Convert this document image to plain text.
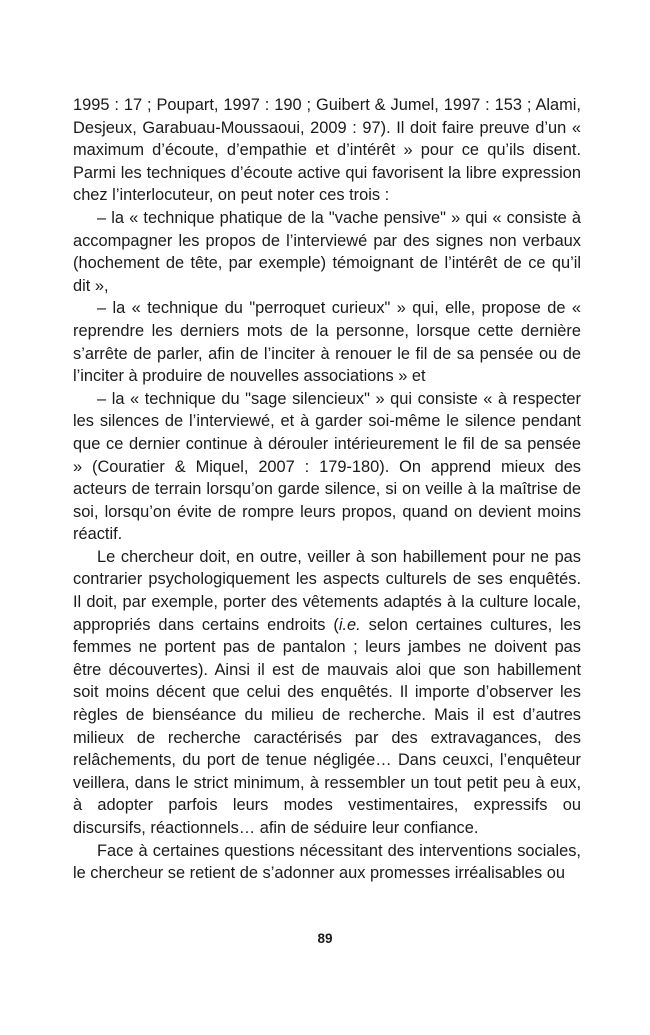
1995 : 17 ; Poupart, 1997 : 190 ; Guibert & Jumel, 1997 : 153 ; Alami, Desjeux, Garabuau-Moussaoui, 2009 : 97). Il doit faire preuve d’un « maximum d’écoute, d’empathie et d’intérêt » pour ce qu’ils disent. Parmi les techniques d’écoute active qui favorisent la libre expression chez l’interlocuteur, on peut noter ces trois :

– la « technique phatique de la "vache pensive" » qui « consiste à accompagner les propos de l’interviewé par des signes non verbaux (hochement de tête, par exemple) témoignant de l’intérêt de ce qu’il dit »,

– la « technique du "perroquet curieux" » qui, elle, propose de « reprendre les derniers mots de la personne, lorsque cette dernière s’arrête de parler, afin de l’inciter à renouer le fil de sa pensée ou de l’inciter à produire de nouvelles associations » et

– la « technique du "sage silencieux" » qui consiste « à respecter les silences de l’interviewé, et à garder soi-même le silence pendant que ce dernier continue à dérouler intérieurement le fil de sa pensée » (Couratier & Miquel, 2007 : 179-180). On apprend mieux des acteurs de terrain lorsqu’on garde silence, si on veille à la maîtrise de soi, lorsqu’on évite de rompre leurs propos, quand on devient moins réactif.

Le chercheur doit, en outre, veiller à son habillement pour ne pas contrarier psychologiquement les aspects culturels de ses enquêtés. Il doit, par exemple, porter des vêtements adaptés à la culture locale, appropriés dans certains endroits (i.e. selon certaines cultures, les femmes ne portent pas de pantalon ; leurs jambes ne doivent pas être découvertes). Ainsi il est de mauvais aloi que son habillement soit moins décent que celui des enquêtés. Il importe d’observer les règles de bienséance du milieu de recherche. Mais il est d’autres milieux de recherche caractérisés par des extravagances, des relâchements, du port de tenue négligée… Dans ceuxci, l’enquêteur veillera, dans le strict minimum, à ressembler un tout petit peu à eux, à adopter parfois leurs modes vestimentaires, expressifs ou discursifs, réactionnels… afin de séduire leur confiance.

Face à certaines questions nécessitant des interventions sociales, le chercheur se retient de s’adonner aux promesses irréalisables ou

89
